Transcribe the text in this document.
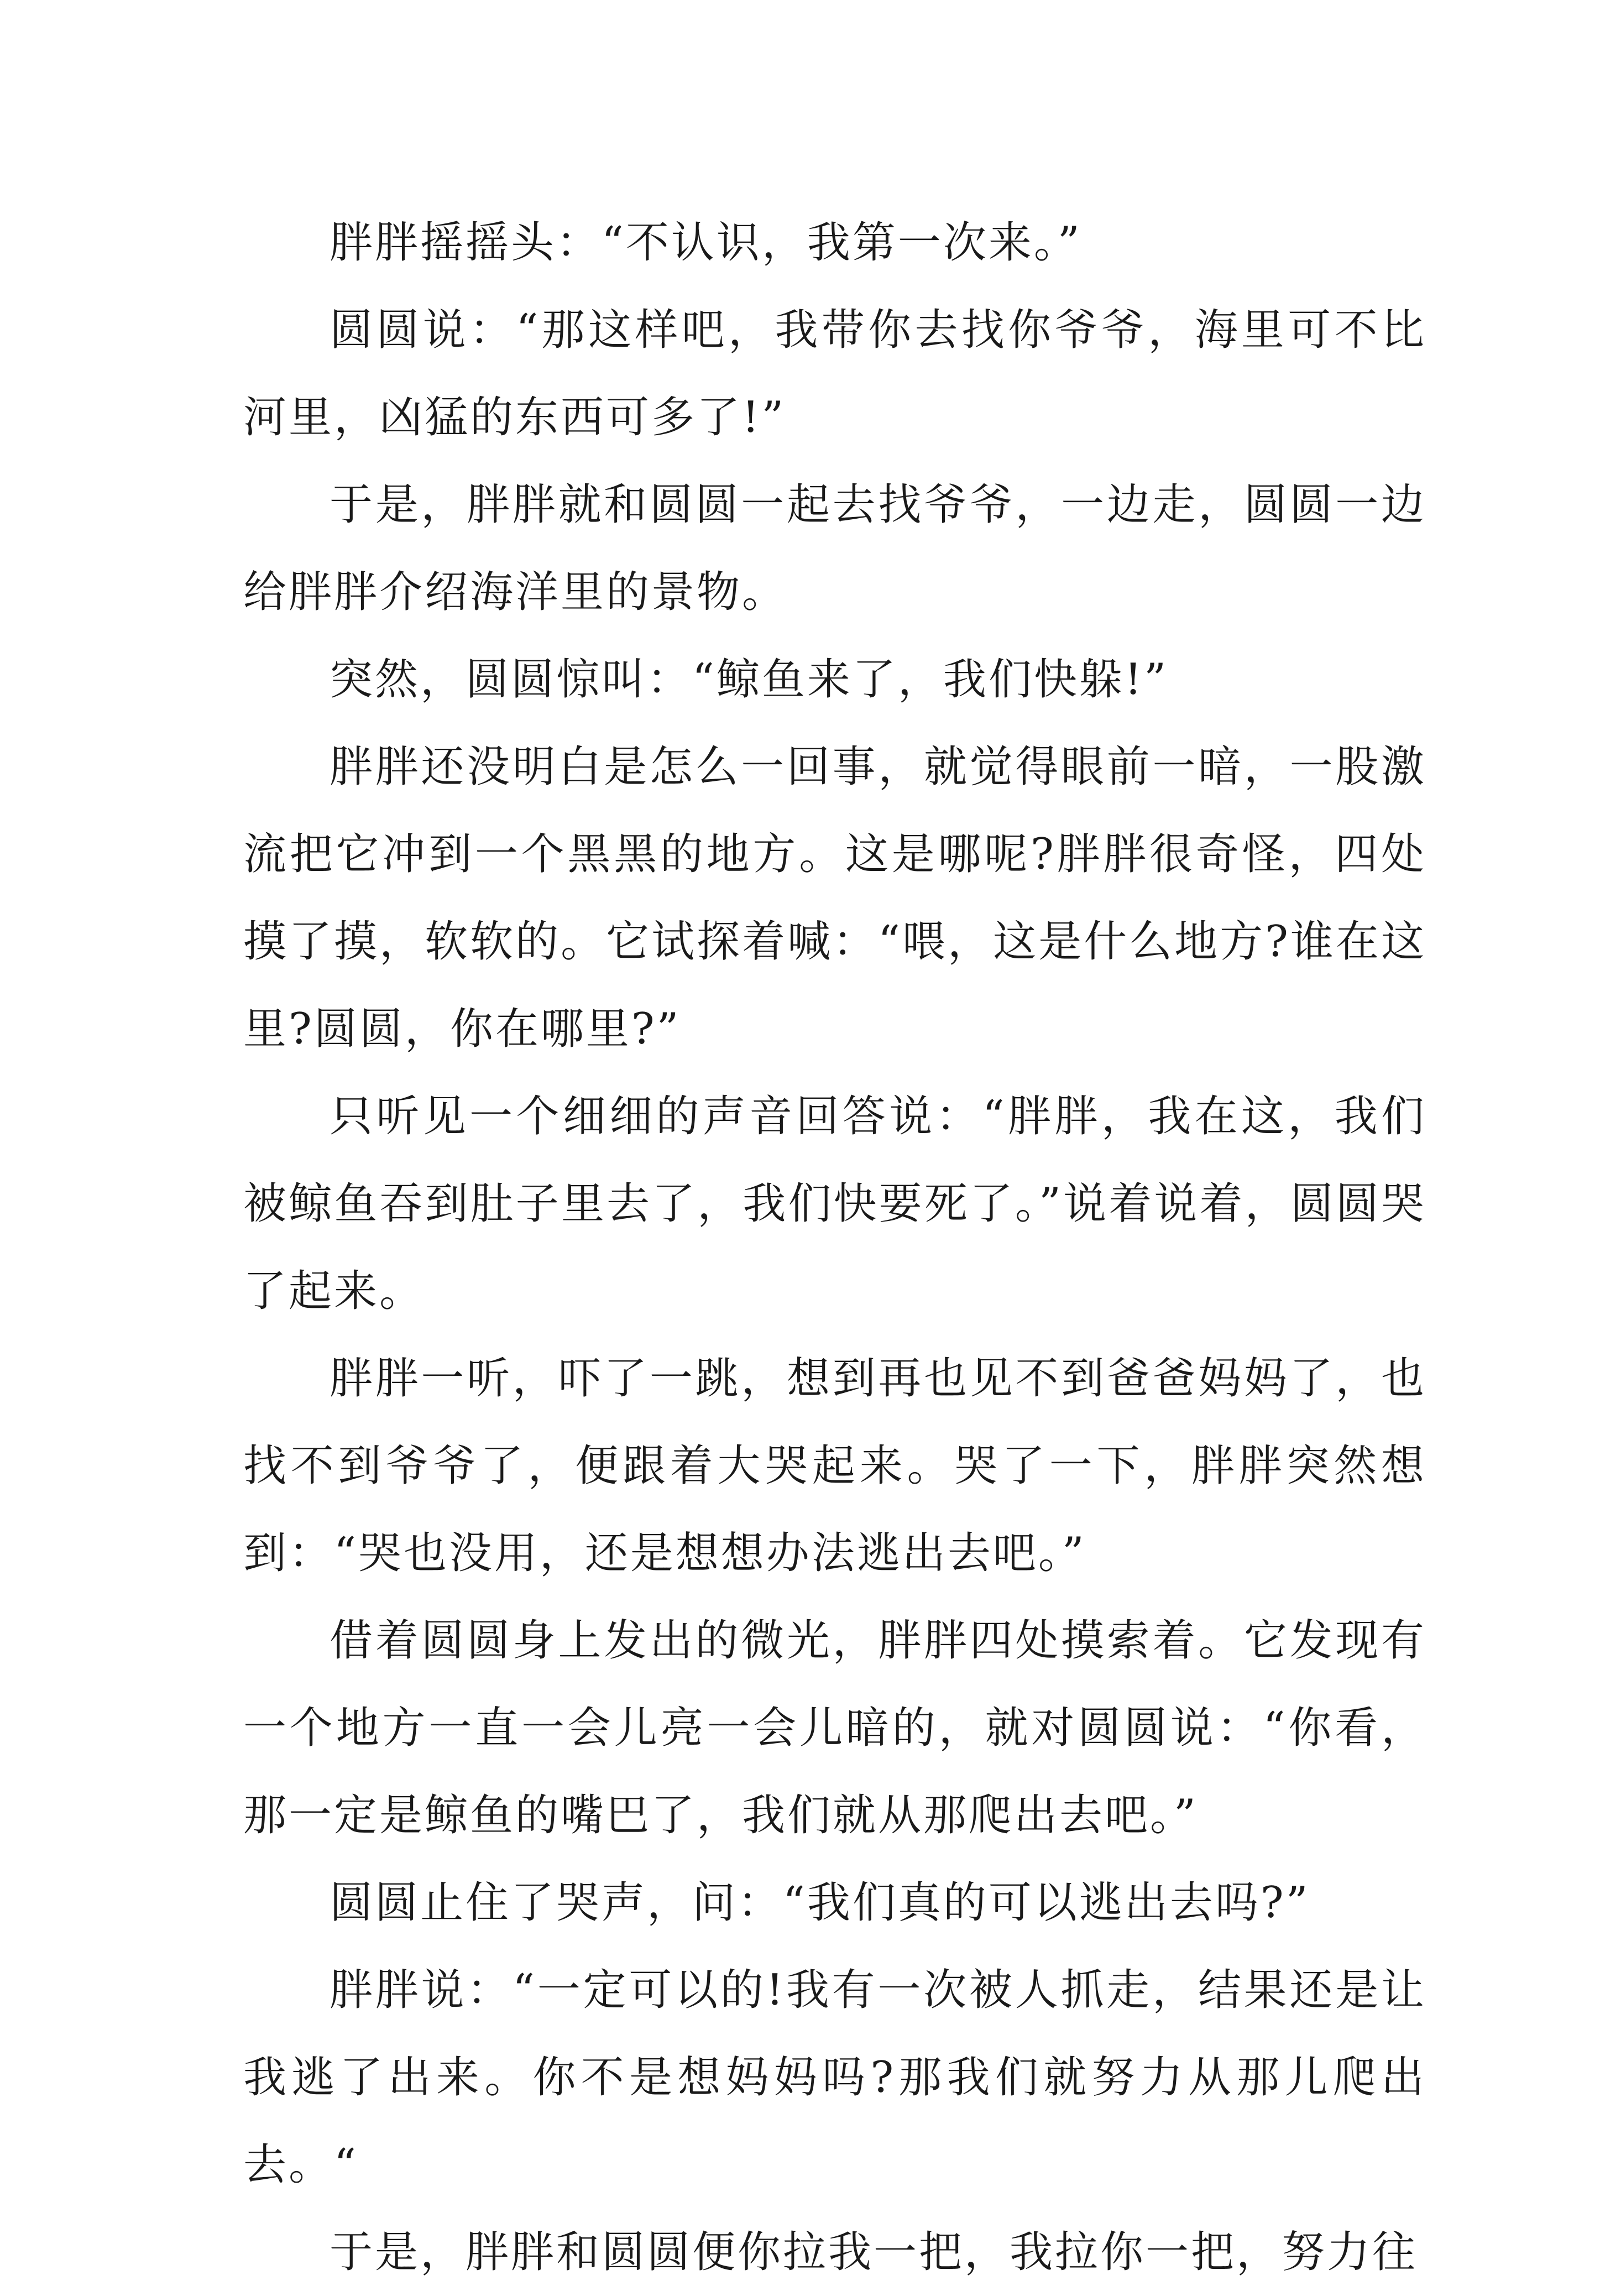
胖胖摇摇头：“不认识，我第一次来。”

圆圆说：“那这样吧，我带你去找你爷爷，海里可不比河里，凶猛的东西可多了!”

于是，胖胖就和圆圆一起去找爷爷，一边走，圆圆一边给胖胖介绍海洋里的景物。

突然，圆圆惊叫：“鲸鱼来了，我们快躲!”

胖胖还没明白是怎么一回事，就觉得眼前一暗，一股激流把它冲到一个黑黑的地方。这是哪呢?胖胖很奇怪，四处摸了摸，软软的。它试探着喊：“喂，这是什么地方?谁在这里?圆圆，你在哪里?”

只听见一个细细的声音回答说：“胖胖，我在这，我们被鲸鱼吞到肚子里去了，我们快要死了。”说着说着，圆圆哭了起来。

胖胖一听，吓了一跳，想到再也见不到爸爸妈妈了，也找不到爷爷了，便跟着大哭起来。哭了一下，胖胖突然想到：“哭也没用，还是想想办法逃出去吧。”

借着圆圆身上发出的微光，胖胖四处摸索着。它发现有一个地方一直一会儿亮一会儿暗的，就对圆圆说：“你看，那一定是鲸鱼的嘴巴了，我们就从那爬出去吧。”

圆圆止住了哭声，问：“我们真的可以逃出去吗?”

胖胖说：“一定可以的!我有一次被人抓走，结果还是让我逃了出来。你不是想妈妈吗?那我们就努力从那儿爬出去。“

于是，胖胖和圆圆便你拉我一把，我拉你一把，努力往
